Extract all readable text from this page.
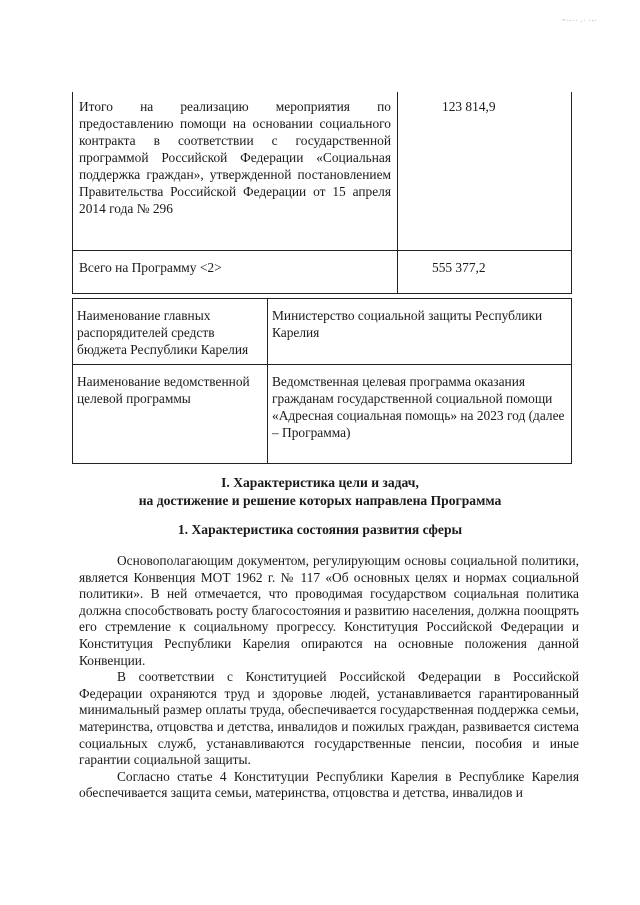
~·-·· .· ·-·
Итого на реализацию мероприятия по предоставлению помощи на основании социального контракта в соответствии с государственной программой Российской Федерации «Социальная поддержка граждан», утвержденной постановлением Правительства Российской Федерации от 15 апреля 2014 года № 296	123 814,9
Всего на Программу <2>	555 377,2
Наименование главных распорядителей средств бюджета Республики Карелия	Министерство социальной защиты Республики Карелия
Наименование ведомственной целевой программы	Ведомственная целевая программа оказания гражданам государственной социальной помощи «Адресная социальная помощь» на 2023 год (далее – Программа)
I. Характеристика цели и задач,
на достижение и решение которых направлена Программа
1. Характеристика состояния развития сферы

Основополагающим документом, регулирующим основы социальной политики, является Конвенция МОТ 1962 г. № 117 «Об основных целях и нормах социальной политики». В ней отмечается, что проводимая государством социальная политика должна способствовать росту благосостояния и развитию населения, должна поощрять его стремление к социальному прогрессу. Конституция Российской Федерации и Конституция Республики Карелия опираются на основные положения данной Конвенции.

В соответствии с Конституцией Российской Федерации в Российской Федерации охраняются труд и здоровье людей, устанавливается гарантированный минимальный размер оплаты труда, обеспечивается государственная поддержка семьи, материнства, отцовства и детства, инвалидов и пожилых граждан, развивается система социальных служб, устанавливаются государственные пенсии, пособия и иные гарантии социальной защиты.

Согласно статье 4 Конституции Республики Карелия в Республике Карелия обеспечивается защита семьи, материнства, отцовства и детства, инвалидов и
